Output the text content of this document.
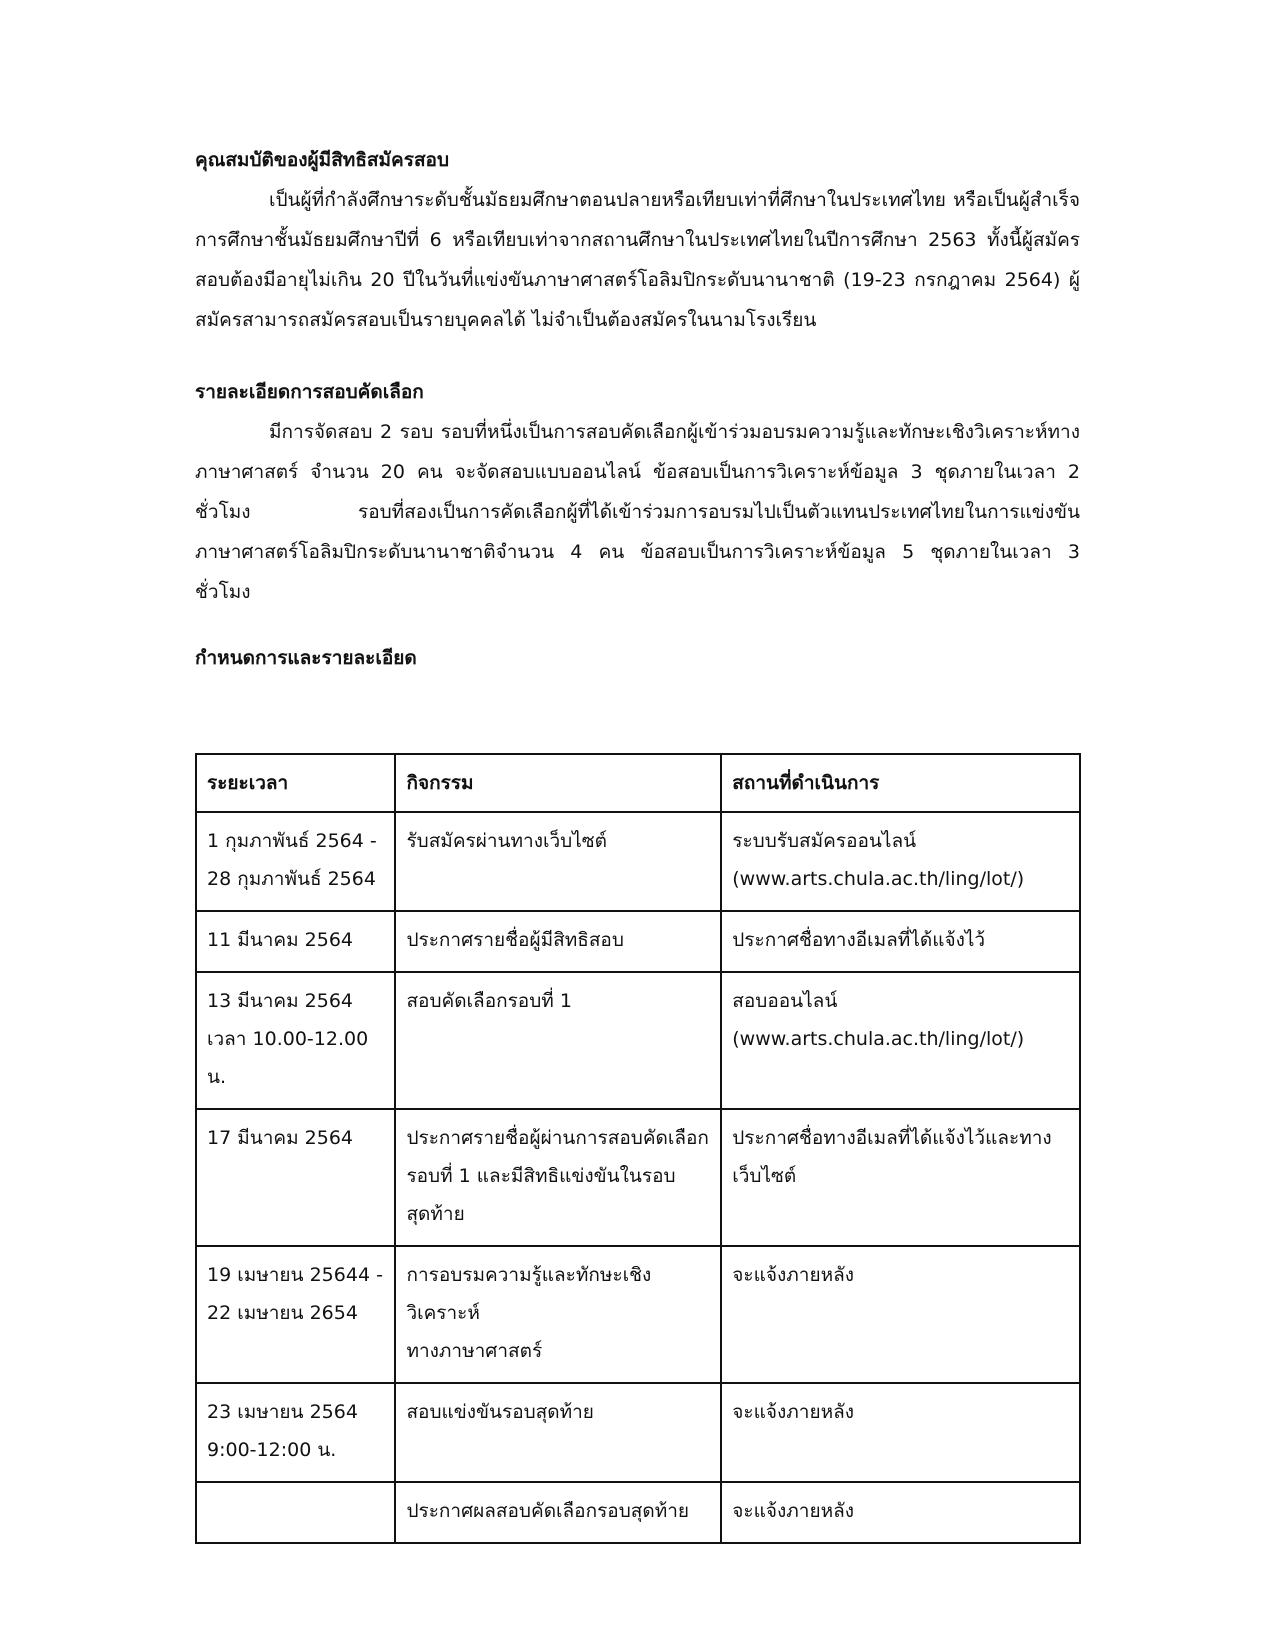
คุณสมบัติของผู้มีสิทธิสมัครสอบ

เป็นผู้ที่กำลังศึกษาระดับชั้นมัธยมศึกษาตอนปลายหรือเทียบเท่าที่ศึกษาในประเทศไทย หรือเป็นผู้สำเร็จการศึกษาชั้นมัธยมศึกษาปีที่ 6 หรือเทียบเท่าจากสถานศึกษาในประเทศไทยในปีการศึกษา 2563 ทั้งนี้ผู้สมัครสอบต้องมีอายุไม่เกิน 20 ปีในวันที่แข่งขันภาษาศาสตร์โอลิมปิกระดับนานาชาติ (19-23 กรกฎาคม 2564) ผู้สมัครสามารถสมัครสอบเป็นรายบุคคลได้ ไม่จำเป็นต้องสมัครในนามโรงเรียน

รายละเอียดการสอบคัดเลือก

มีการจัดสอบ 2 รอบ รอบที่หนึ่งเป็นการสอบคัดเลือกผู้เข้าร่วมอบรมความรู้และทักษะเชิงวิเคราะห์ทางภาษาศาสตร์ จำนวน 20 คน จะจัดสอบแบบออนไลน์ ข้อสอบเป็นการวิเคราะห์ข้อมูล 3 ชุดภายในเวลา 2 ชั่วโมง รอบที่สองเป็นการคัดเลือกผู้ที่ได้เข้าร่วมการอบรมไปเป็นตัวแทนประเทศไทยในการแข่งขันภาษาศาสตร์โอลิมปิกระดับนานาชาติจำนวน 4 คน ข้อสอบเป็นการวิเคราะห์ข้อมูล 5 ชุดภายในเวลา 3 ชั่วโมง

กำหนดการและรายละเอียด

ระยะเวลา	กิจกรรม	สถานที่ดำเนินการ

1 กุมภาพันธ์ 2564 -
28 กุมภาพันธ์ 2564	รับสมัครผ่านทางเว็บไซต์	ระบบรับสมัครออนไลน์
(www.arts.chula.ac.th/ling/lot/)

11 มีนาคม 2564	ประกาศรายชื่อผู้มีสิทธิสอบ	ประกาศชื่อทางอีเมลที่ได้แจ้งไว้

13 มีนาคม 2564
เวลา 10.00-12.00 น.	สอบคัดเลือกรอบที่ 1	สอบออนไลน์
(www.arts.chula.ac.th/ling/lot/)

17 มีนาคม 2564	ประกาศรายชื่อผู้ผ่านการสอบคัดเลือก
รอบที่ 1 และมีสิทธิแข่งขันในรอบ
สุดท้าย	ประกาศชื่อทางอีเมลที่ได้แจ้งไว้และทาง
เว็บไซต์

19 เมษายน 25644 -
22 เมษายน 2654	การอบรมความรู้และทักษะเชิงวิเคราะห์
ทางภาษาศาสตร์	จะแจ้งภายหลัง

23 เมษายน 2564
9:00-12:00 น.	สอบแข่งขันรอบสุดท้าย	จะแจ้งภายหลัง

	ประกาศผลสอบคัดเลือกรอบสุดท้าย	จะแจ้งภายหลัง
